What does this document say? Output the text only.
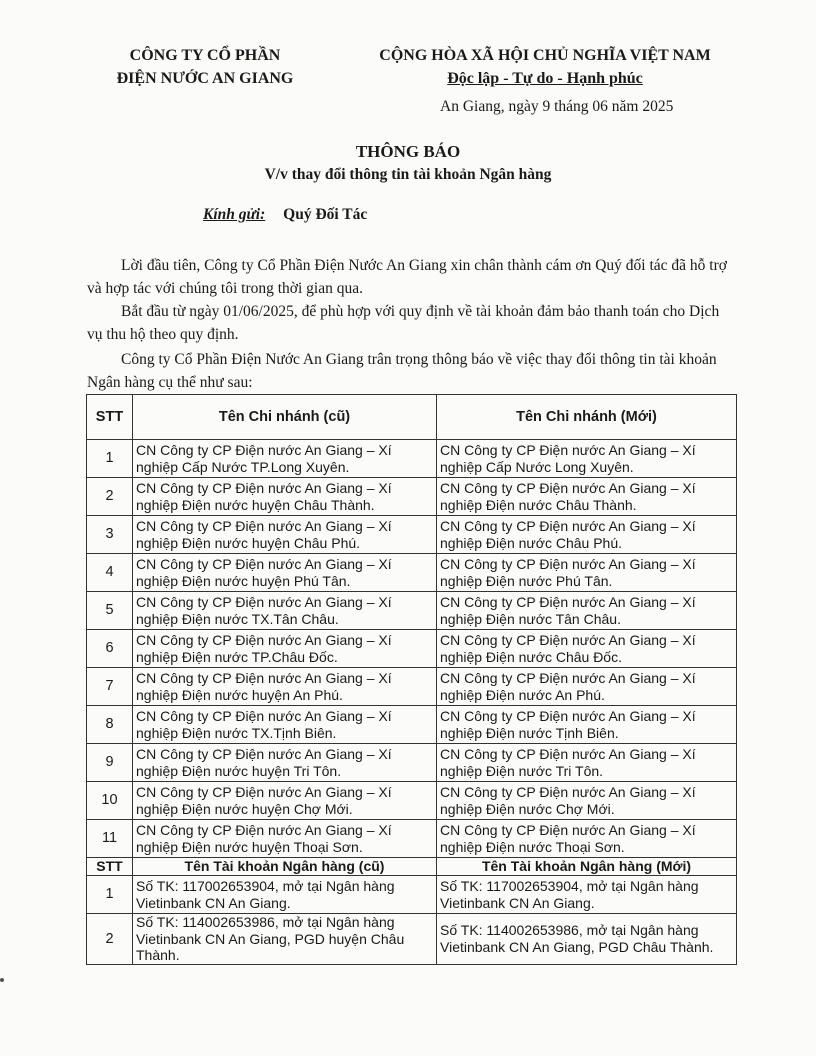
CÔNG TY CỔ PHẦN
ĐIỆN NƯỚC AN GIANG
CỘNG HÒA XÃ HỘI CHỦ NGHĨA VIỆT NAM
Độc lập - Tự do - Hạnh phúc
An Giang, ngày 9 tháng 06 năm 2025
THÔNG BÁO
V/v thay đổi thông tin tài khoản Ngân hàng
Kính gửi: Quý Đối Tác
Lời đầu tiên, Công ty Cổ Phần Điện Nước An Giang xin chân thành cám ơn Quý đối tác đã hỗ trợ và hợp tác với chúng tôi trong thời gian qua.
Bắt đầu từ ngày 01/06/2025, để phù hợp với quy định về tài khoản đảm bảo thanh toán cho Dịch vụ thu hộ theo quy định.
Công ty Cổ Phần Điện Nước An Giang trân trọng thông báo về việc thay đổi thông tin tài khoản Ngân hàng cụ thể như sau:
STT	Tên Chi nhánh (cũ)	Tên Chi nhánh (Mới)
1	CN Công ty CP Điện nước An Giang – Xí nghiệp Cấp Nước TP.Long Xuyên.	CN Công ty CP Điện nước An Giang – Xí nghiệp Cấp Nước Long Xuyên.
2	CN Công ty CP Điện nước An Giang – Xí nghiệp Điện nước huyện Châu Thành.	CN Công ty CP Điện nước An Giang – Xí nghiệp Điện nước Châu Thành.
3	CN Công ty CP Điện nước An Giang – Xí nghiệp Điện nước huyện Châu Phú.	CN Công ty CP Điện nước An Giang – Xí nghiệp Điện nước Châu Phú.
4	CN Công ty CP Điện nước An Giang – Xí nghiệp Điện nước huyện Phú Tân.	CN Công ty CP Điện nước An Giang – Xí nghiệp Điện nước Phú Tân.
5	CN Công ty CP Điện nước An Giang – Xí nghiệp Điện nước TX.Tân Châu.	CN Công ty CP Điện nước An Giang – Xí nghiệp Điện nước Tân Châu.
6	CN Công ty CP Điện nước An Giang – Xí nghiệp Điện nước TP.Châu Đốc.	CN Công ty CP Điện nước An Giang – Xí nghiệp Điện nước Châu Đốc.
7	CN Công ty CP Điện nước An Giang – Xí nghiệp Điện nước huyện An Phú.	CN Công ty CP Điện nước An Giang – Xí nghiệp Điện nước An Phú.
8	CN Công ty CP Điện nước An Giang – Xí nghiệp Điện nước TX.Tịnh Biên.	CN Công ty CP Điện nước An Giang – Xí nghiệp Điện nước Tịnh Biên.
9	CN Công ty CP Điện nước An Giang – Xí nghiệp Điện nước huyện Tri Tôn.	CN Công ty CP Điện nước An Giang – Xí nghiệp Điện nước Tri Tôn.
10	CN Công ty CP Điện nước An Giang – Xí nghiệp Điện nước huyện Chợ Mới.	CN Công ty CP Điện nước An Giang – Xí nghiệp Điện nước Chợ Mới.
11	CN Công ty CP Điện nước An Giang – Xí nghiệp Điện nước huyện Thoại Sơn.	CN Công ty CP Điện nước An Giang – Xí nghiệp Điện nước Thoại Sơn.
STT	Tên Tài khoản Ngân hàng (cũ)	Tên Tài khoản Ngân hàng (Mới)
1	Số TK: 117002653904, mở tại Ngân hàng Vietinbank CN An Giang.	Số TK: 117002653904, mở tại Ngân hàng Vietinbank CN An Giang.
2	Số TK: 114002653986, mở tại Ngân hàng Vietinbank CN An Giang, PGD huyện Châu Thành.	Số TK: 114002653986, mở tại Ngân hàng Vietinbank CN An Giang, PGD Châu Thành.
